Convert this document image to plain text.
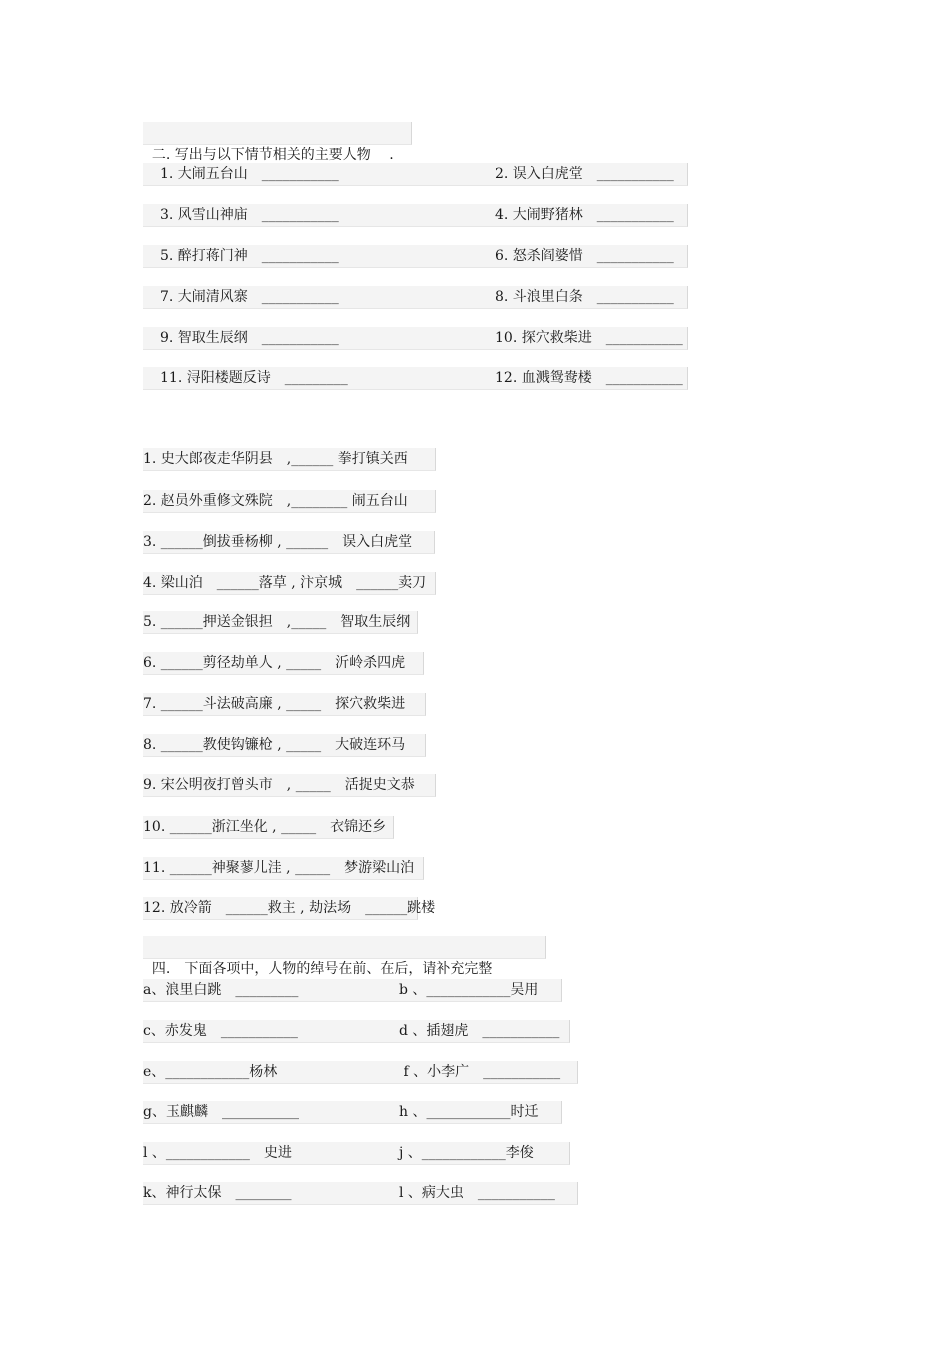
二. 写出与以下情节相关的主要人物　 .

1. 大闹五台山　___________	2. 误入白虎堂　___________
3. 风雪山神庙　___________	4. 大闹野猪林　___________
5. 醉打蒋门神　___________	6. 怒杀阎婆惜　___________
7. 大闹清风寨　___________	8. 斗浪里白条　___________
9. 智取生辰纲　___________	10. 探穴救柴进　___________
11. 浔阳楼题反诗　_________	12. 血溅鸳鸯楼　___________
1. 史大郎夜走华阴县　,______ 拳打镇关西
2. 赵员外重修文殊院　,________ 闹五台山
3. ______倒拔垂杨柳 , ______　误入白虎堂
4. 梁山泊　______落草 , 汴京城　______卖刀
5. ______押送金银担　,_____　智取生辰纲
6. ______剪径劫单人 , _____　沂岭杀四虎
7. ______斗法破高廉 , _____　探穴救柴进
8. ______教使钩镰枪 , _____　大破连环马
9. 宋公明夜打曾头市　, _____　活捉史文恭
10. ______浙江坐化 , _____　衣锦还乡
11. ______神聚蓼儿洼 , _____　梦游梁山泊
12. 放冷箭　______救主 , 劫法场　______跳楼

四.　下面各项中，人物的绰号在前、在后，请补充完整

a、浪里白跳　_________	b 、____________吴用
c、赤发鬼　___________	d 、插翅虎　___________
e、____________杨林	f 、小李广　___________
g、玉麒麟　___________	h 、____________时迁
l 、____________　史进	j 、____________李俊
k、神行太保　________	l 、病大虫　___________
